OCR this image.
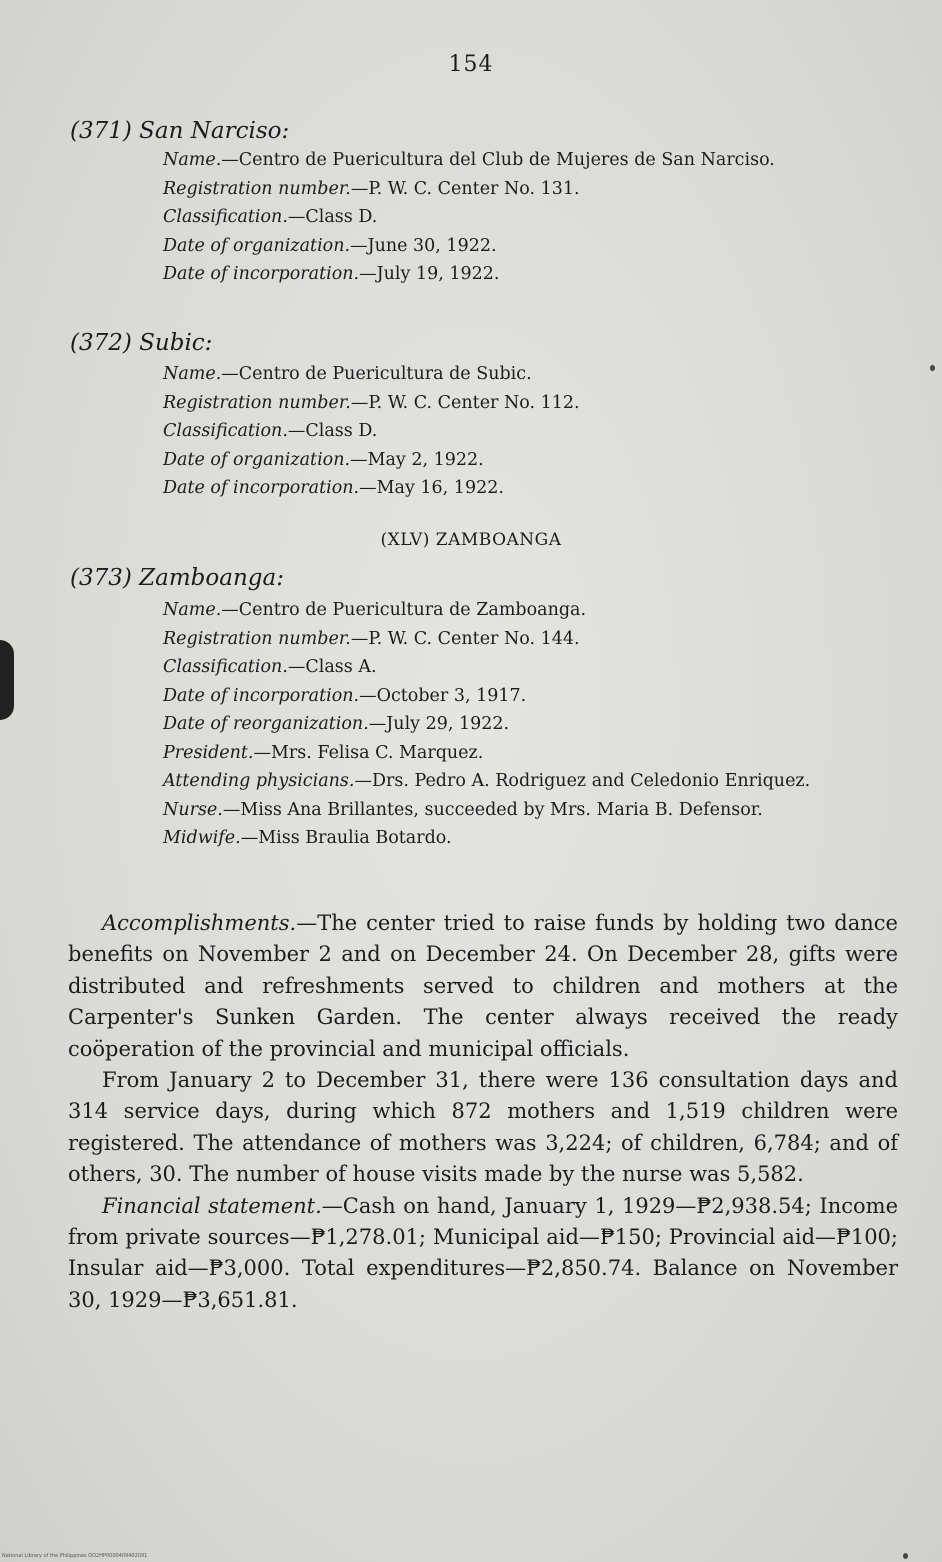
154
(371) San Narciso:
Name.—Centro de Puericultura del Club de Mujeres de San Narciso.
Registration number.—P. W. C. Center No. 131.
Classification.—Class D.
Date of organization.—June 30, 1922.
Date of incorporation.—July 19, 1922.
(372) Subic:
Name.—Centro de Puericultura de Subic.
Registration number.—P. W. C. Center No. 112.
Classification.—Class D.
Date of organization.—May 2, 1922.
Date of incorporation.—May 16, 1922.
(XLV) ZAMBOANGA
(373) Zamboanga:
Name.—Centro de Puericultura de Zamboanga.
Registration number.—P. W. C. Center No. 144.
Classification.—Class A.
Date of incorporation.—October 3, 1917.
Date of reorganization.—July 29, 1922.
President.—Mrs. Felisa C. Marquez.
Attending physicians.—Drs. Pedro A. Rodriguez and Celedonio Enriquez.
Nurse.—Miss Ana Brillantes, succeeded by Mrs. Maria B. Defensor.
Midwife.—Miss Braulia Botardo.

Accomplishments.—The center tried to raise funds by holding two dance benefits on November 2 and on December 24. On December 28, gifts were distributed and refreshments served to children and mothers at the Carpenter's Sunken Garden. The center always received the ready coöperation of the provincial and municipal officials.

From January 2 to December 31, there were 136 consultation days and 314 service days, during which 872 mothers and 1,519 children were registered. The attendance of mothers was 3,224; of children, 6,784; and of others, 30. The number of house visits made by the nurse was 5,582.

Financial statement.—Cash on hand, January 1, 1929—₱2,938.54; Income from private sources—₱1,278.01; Municipal aid—₱150; Provincial aid—₱100; Insular aid—₱3,000. Total expenditures—₱2,850.74. Balance on November 30, 1929—₱3,651.81.

National Library of the Philippines DO2HP0000409402091
